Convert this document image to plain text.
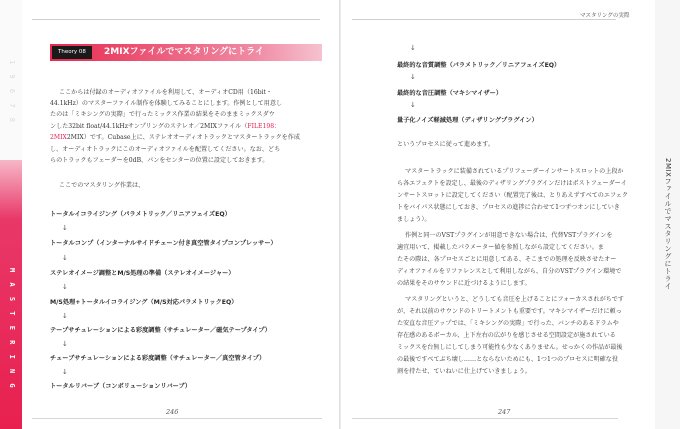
1 9 6 7 8
M A S T E R I N G
マスタリングの実際
Theory 08	2MIXファイルでマスタリングにトライ
ここからは付録のオーディオファイルを利用して、オーディオCD用（16bit・
44.1kHz）のマスターファイル制作を体験してみることにします。作例として用意し
たのは「ミキシングの実際」で行ったミックス作業の結果をそのままミックスダウ
ンした32bit float/44.1kHzサンプリングのステレオ／2MIXファイル（FILE198：
2MIX2MIX）です。Cubase上に、ステレオオーディオトラックとマスタートラックを作成
し、オーディオトラックにこのオーディオファイルを配置してください。なお、どち
らのトラックもフェーダーを0dB、パンをセンターの位置に設定しておきます。
ここでのマスタリング作業は、
トータルイコライジング（パラメトリック／リニアフェイズEQ）
↓
トータルコンプ（インターナルサイドチェーン付き真空管タイプコンプレッサー）
↓
ステレオイメージ調整とM/S処理の準備（ステレオイメージャー）
↓
M/S処理+トータルイコライジング（M/S対応パラメトリックEQ）
↓
テープサチュレーションによる彩度調整（サチュレーター／磁気テープタイプ）
↓
チューブサチュレーションによる彩度調整（サチュレーター／真空管タイプ）
↓
トータルリバーブ（コンボリューションリバーブ）
246
↓
最終的な音質調整（パラメトリック／リニアフェイズEQ）
↓
最終的な音圧調整（マキシマイザー）
↓
量子化ノイズ軽減処理（ディザリングプラグイン）
というプロセスに従って進めます。
マスタートラックに装備されているプリフェーダーインサートスロットの上段か
ら各エフェクトを設定し、最後のディザリングプラグインだけはポストフェーダーイ
ンサートスロットに設定してください（配置完了後は、とりあえずすべてのエフェク
トをバイパス状態にしておき、プロセスの進捗に合わせて1つずつオンにしていき
ましょう）。
作例と同一のVSTプラグインが用意できない場合は、代替VSTプラグインを
適宜用いて、掲載したパラメーター値を参照しながら設定してください。ま
たその際は、各プロセスごとに用意してある、そこまでの処理を反映させたオー
ディオファイルをリファレンスとして利用しながら、自分のVSTプラグイン環境で
の結果をそのサウンドに近づけるようにします。
マスタリングというと、どうしても音圧を上げることにフォーカスされがちです
が、それ以前のサウンドのトリートメントも重要です。マキシマイザーだけに頼っ
た安直な音圧アップでは、「ミキシングの実際」で行った、バンチのあるドラムや
存在感のあるボーカル、上下左右の広がりを感じさせる空間設定が施されている
ミックスを台無しにしてしまう可能性も少なくありません。せっかくの作品が最後
の最後ですべてぶち壊し……とならないためにも、1つ1つのプロセスに明確な役
割を持たせ、ていねいに仕上げていきましょう。
247
2MIXファイルでマスタリングにトライ
